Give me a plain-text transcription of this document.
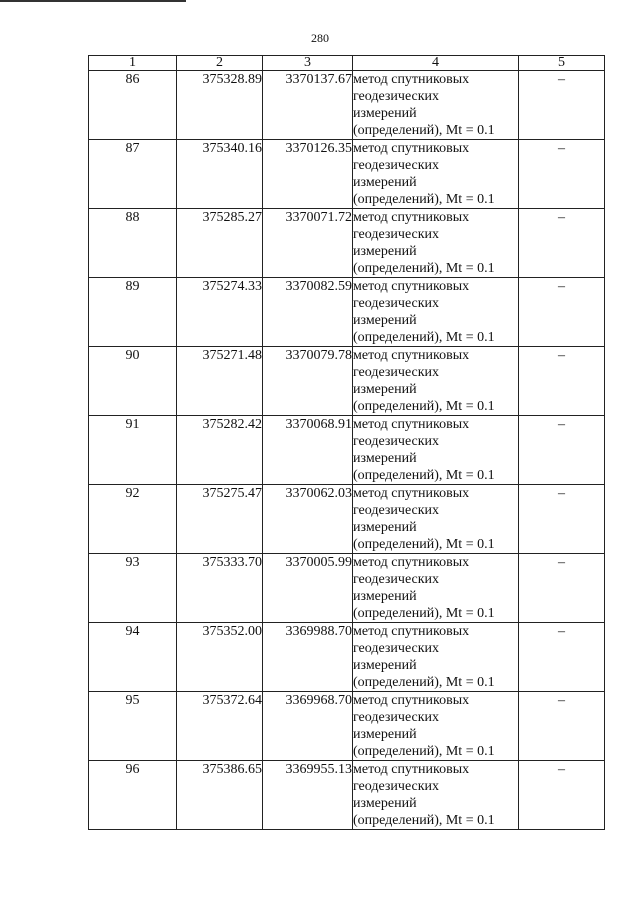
280
1	2	3	4	5
86	375328.89	3370137.67	метод спутниковых
геодезических
измерений
(определений), Mt = 0.1	–
87	375340.16	3370126.35	метод спутниковых
геодезических
измерений
(определений), Mt = 0.1	–
88	375285.27	3370071.72	метод спутниковых
геодезических
измерений
(определений), Mt = 0.1	–
89	375274.33	3370082.59	метод спутниковых
геодезических
измерений
(определений), Mt = 0.1	–
90	375271.48	3370079.78	метод спутниковых
геодезических
измерений
(определений), Mt = 0.1	–
91	375282.42	3370068.91	метод спутниковых
геодезических
измерений
(определений), Mt = 0.1	–
92	375275.47	3370062.03	метод спутниковых
геодезических
измерений
(определений), Mt = 0.1	–
93	375333.70	3370005.99	метод спутниковых
геодезических
измерений
(определений), Mt = 0.1	–
94	375352.00	3369988.70	метод спутниковых
геодезических
измерений
(определений), Mt = 0.1	–
95	375372.64	3369968.70	метод спутниковых
геодезических
измерений
(определений), Mt = 0.1	–
96	375386.65	3369955.13	метод спутниковых
геодезических
измерений
(определений), Mt = 0.1	–
